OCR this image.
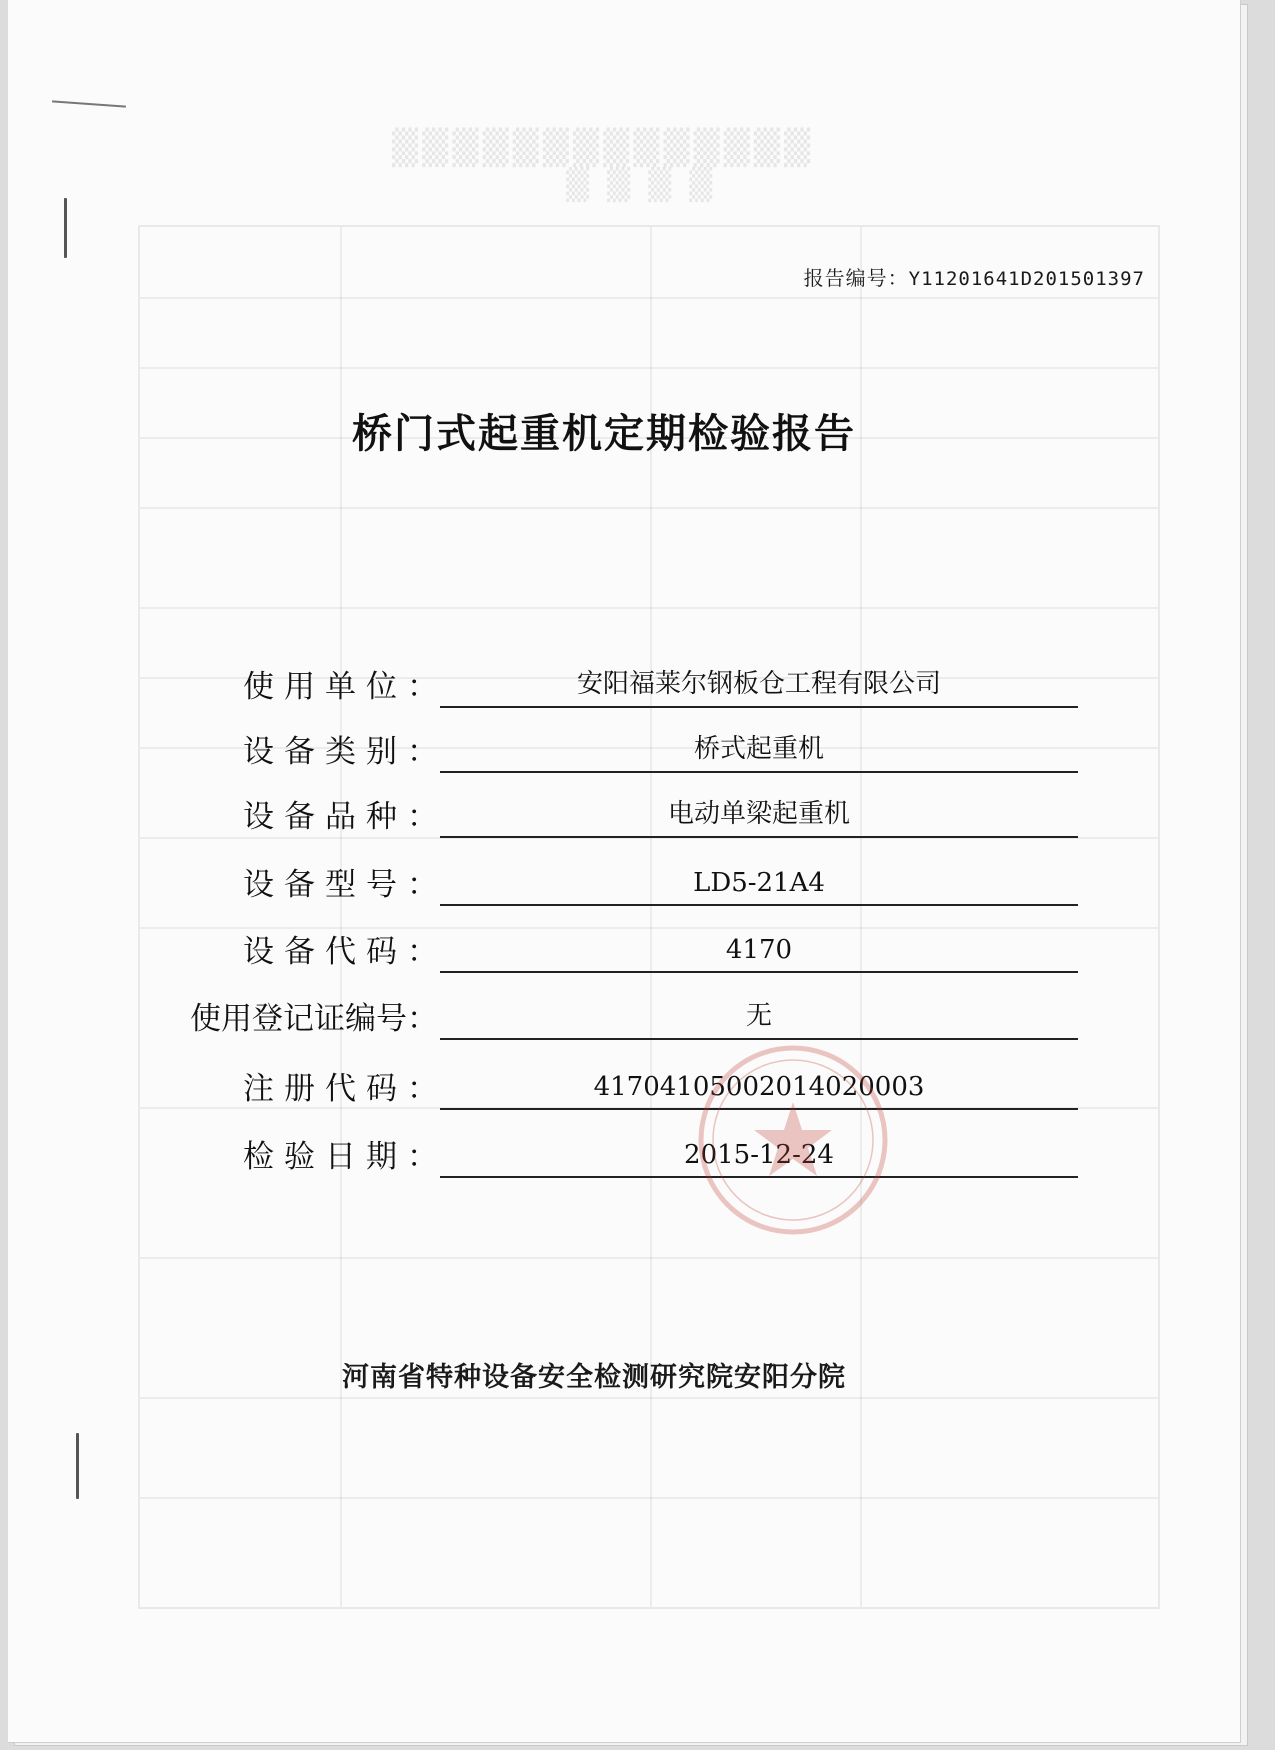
▒▒▒▒▒▒▒▒▒▒▒▒▒▒
▒▒▒▒
报告编号：Y11201641D201501397
桥门式起重机定期检验报告
使用单位：	安阳福莱尔钢板仓工程有限公司
设备类别：	桥式起重机
设备品种：	电动单梁起重机
设备型号：	LD5-21A4
设备代码：	4170
使用登记证编号：	无
注册代码：	41704105002014020003
检验日期：	2015-12-24
河南省特种设备安全检测研究院安阳分院
